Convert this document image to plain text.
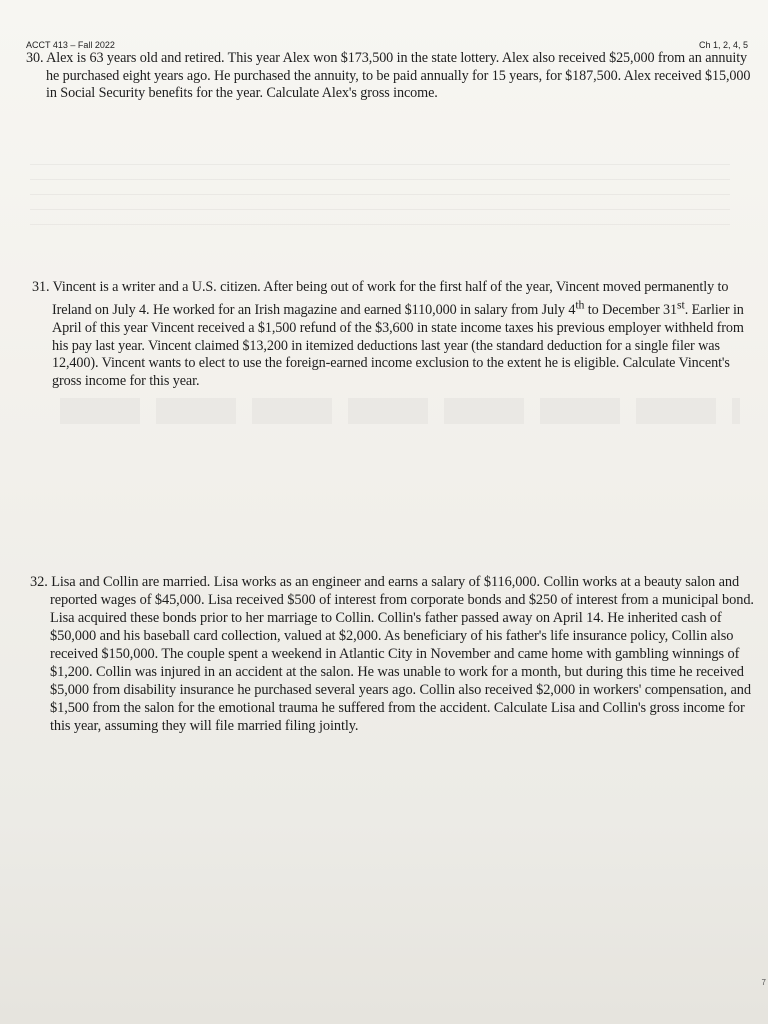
ACCT 413 – Fall 2022	Ch 1, 2, 4, 5
30. Alex is 63 years old and retired. This year Alex won $173,500 in the state lottery. Alex also received $25,000 from an annuity he purchased eight years ago. He purchased the annuity, to be paid annually for 15 years, for $187,500. Alex received $15,000 in Social Security benefits for the year. Calculate Alex's gross income.
31. Vincent is a writer and a U.S. citizen. After being out of work for the first half of the year, Vincent moved permanently to Ireland on July 4. He worked for an Irish magazine and earned $110,000 in salary from July 4th to December 31st. Earlier in April of this year Vincent received a $1,500 refund of the $3,600 in state income taxes his previous employer withheld from his pay last year. Vincent claimed $13,200 in itemized deductions last year (the standard deduction for a single filer was 12,400). Vincent wants to elect to use the foreign-earned income exclusion to the extent he is eligible. Calculate Vincent's gross income for this year.
32. Lisa and Collin are married. Lisa works as an engineer and earns a salary of $116,000. Collin works at a beauty salon and reported wages of $45,000. Lisa received $500 of interest from corporate bonds and $250 of interest from a municipal bond. Lisa acquired these bonds prior to her marriage to Collin. Collin's father passed away on April 14. He inherited cash of $50,000 and his baseball card collection, valued at $2,000. As beneficiary of his father's life insurance policy, Collin also received $150,000. The couple spent a weekend in Atlantic City in November and came home with gambling winnings of $1,200. Collin was injured in an accident at the salon. He was unable to work for a month, but during this time he received $5,000 from disability insurance he purchased several years ago. Collin also received $2,000 in workers' compensation, and $1,500 from the salon for the emotional trauma he suffered from the accident. Calculate Lisa and Collin's gross income for this year, assuming they will file married filing jointly.
7
